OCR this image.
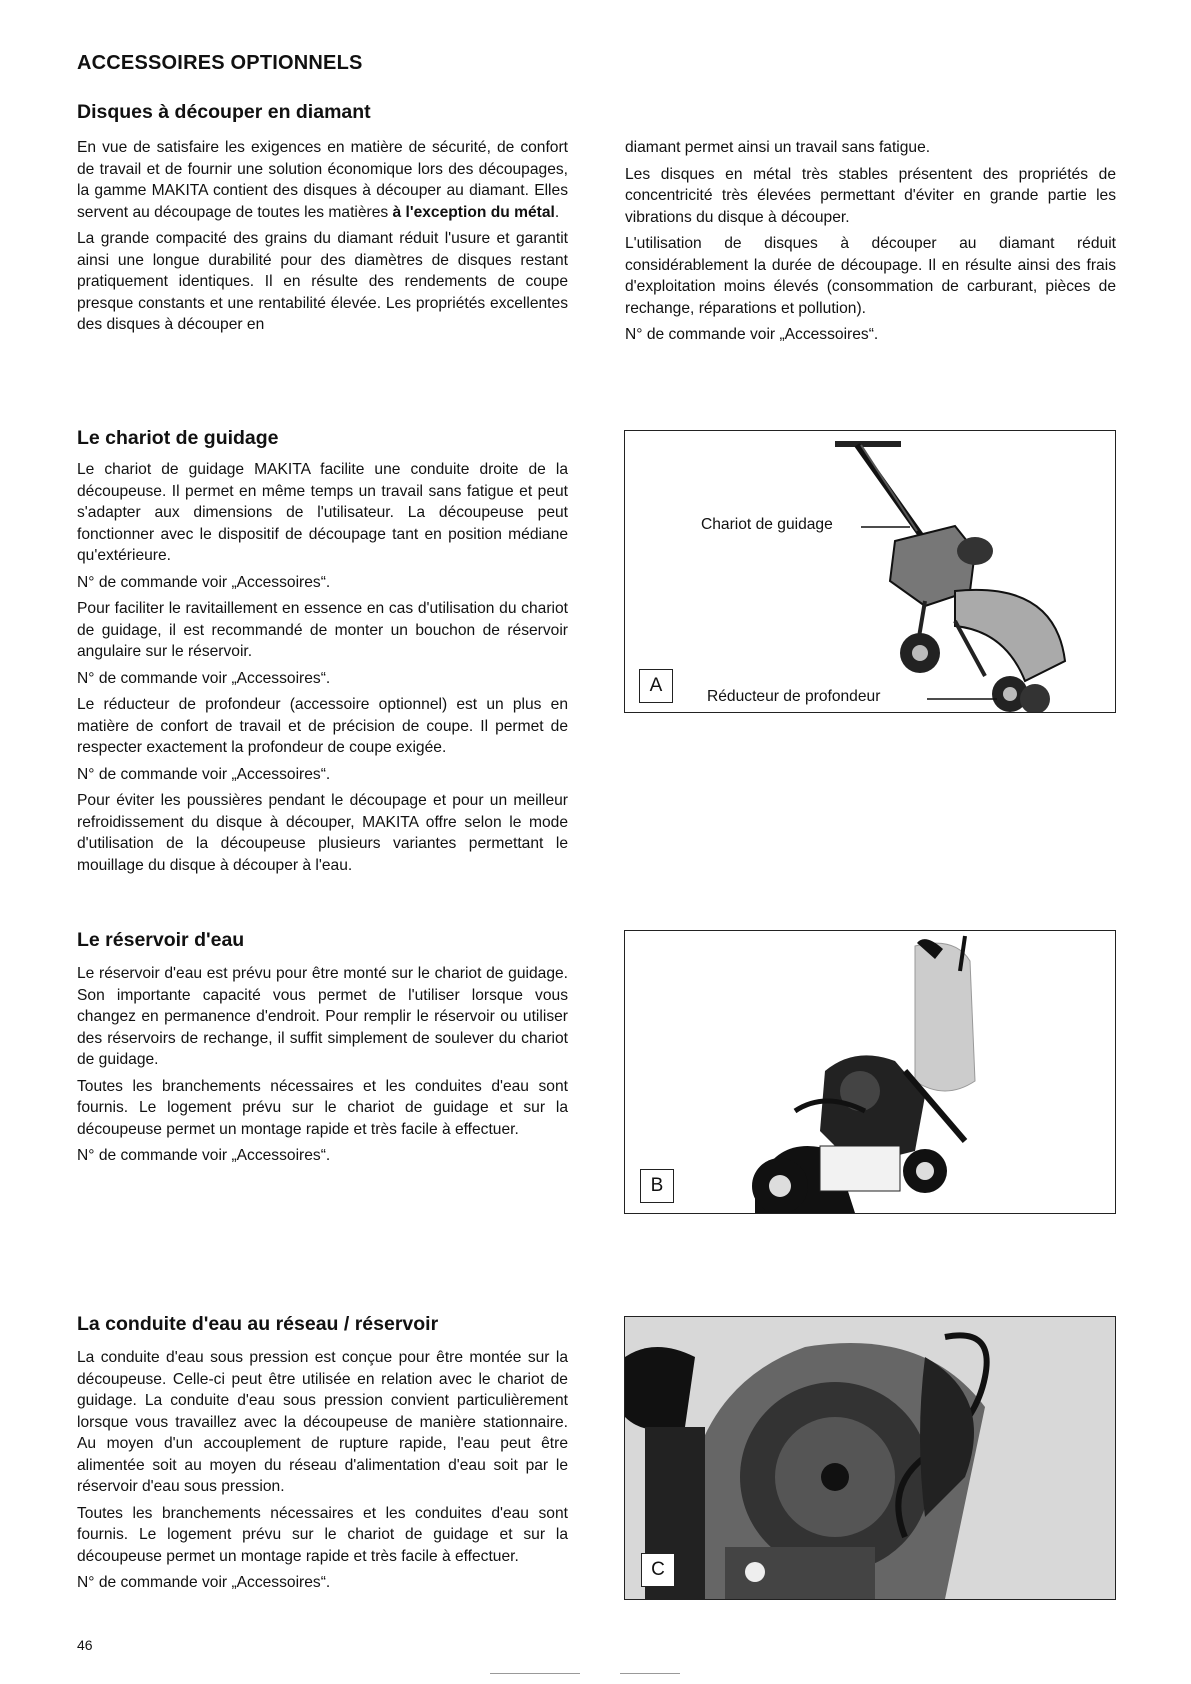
ACCESSOIRES OPTIONNELS
Disques à découper en diamant

En vue de satisfaire les exigences en matière de sécurité, de confort de travail et de fournir une solution économique lors des découpages, la gamme MAKITA contient des disques à découper au diamant. Elles servent au découpage de toutes les matières à l'exception du métal.

La grande compacité des grains du diamant réduit l'usure et garantit ainsi une longue durabilité pour des diamètres de disques restant pratiquement identiques. Il en résulte des rendements de coupe presque constants et une rentabilité élevée. Les propriétés excellentes des disques à découper en

diamant permet ainsi un travail sans fatigue.

Les disques en métal très stables présentent des propriétés de concentricité très élevées permettant d'éviter en grande partie les vibrations du disque à découper.

L'utilisation de disques à découper au diamant réduit considérablement la durée de découpage. Il en résulte ainsi des frais d'exploitation moins élevés (consommation de carburant, pièces de rechange, réparations et pollution).

N° de commande voir „Accessoires“.

Le chariot de guidage

Le chariot de guidage MAKITA facilite une conduite droite de la découpeuse. Il permet en même temps un travail sans fatigue et peut s'adapter aux dimensions de l'utilisateur. La découpeuse peut fonctionner avec le dispositif de découpage tant en position médiane qu'extérieure.

N° de commande voir „Accessoires“.

Pour faciliter le ravitaillement en essence en cas d'utilisation du chariot de guidage, il est recommandé de monter un bouchon de réservoir angulaire sur le réservoir.

N° de commande voir „Accessoires“.

Le réducteur de profondeur (accessoire optionnel) est un plus en matière de confort de travail et de précision de coupe. Il permet de respecter exactement la profondeur de coupe exigée.

N° de commande voir „Accessoires“.

Pour éviter les poussières pendant le découpage et pour un meilleur refroidissement du disque à découper, MAKITA offre selon le mode d'utilisation de la découpeuse plusieurs variantes permettant le mouillage du disque à découper à l'eau.

Chariot de guidage
Réducteur de profondeur
A
Le réservoir d'eau

Le réservoir d'eau est prévu pour être monté sur le chariot de guidage. Son importante capacité vous permet de l'utiliser lorsque vous changez en permanence d'endroit. Pour remplir le réservoir ou utiliser des réservoirs de rechange, il suffit simplement de soulever du chariot de guidage.

Toutes les branchements nécessaires et les conduites d'eau sont fournis. Le logement prévu sur le chariot de guidage et sur la découpeuse permet un montage rapide et très facile à effectuer.

N° de commande voir „Accessoires“.

B
La conduite d'eau au réseau / réservoir

La conduite d'eau sous pression est conçue pour être montée sur la découpeuse. Celle-ci peut être utilisée en relation avec le chariot de guidage. La conduite d'eau sous pression convient particulièrement lorsque vous travaillez avec la découpeuse de manière stationnaire. Au moyen d'un accouplement de rupture rapide, l'eau peut être alimentée soit au moyen du réseau d'alimentation d'eau soit par le réservoir d'eau sous pression.

Toutes les branchements nécessaires et les conduites d'eau sont fournis. Le logement prévu sur le chariot de guidage et sur la découpeuse permet un montage rapide et très facile à effectuer.

N° de commande voir „Accessoires“.

C
46
